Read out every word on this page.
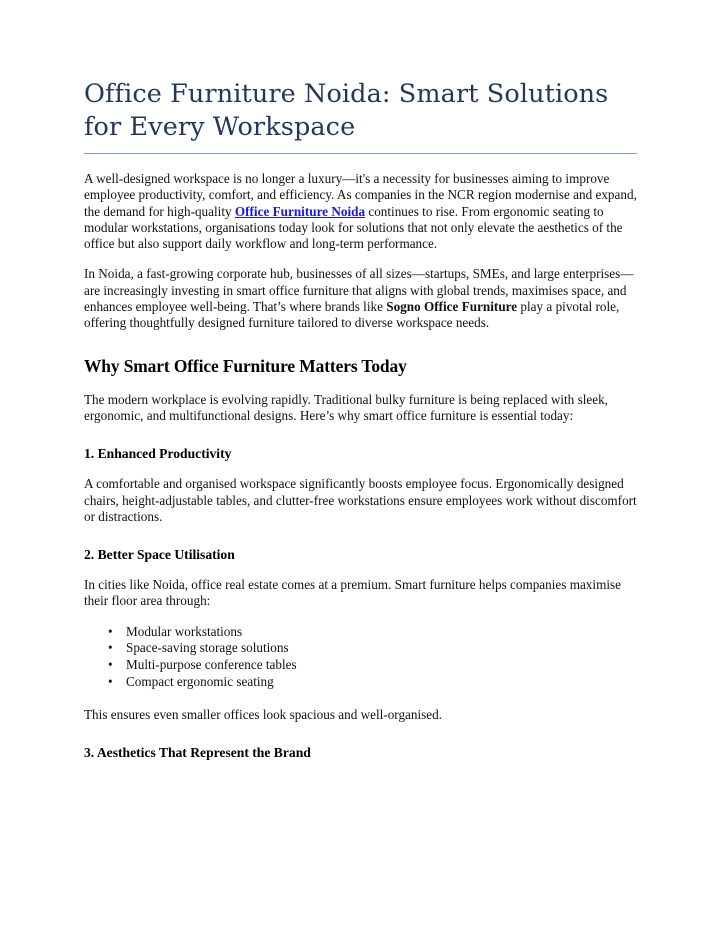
Office Furniture Noida: Smart Solutions for Every Workspace

A well-designed workspace is no longer a luxury—it's a necessity for businesses aiming to improve employee productivity, comfort, and efficiency. As companies in the NCR region modernise and expand, the demand for high-quality Office Furniture Noida continues to rise. From ergonomic seating to modular workstations, organisations today look for solutions that not only elevate the aesthetics of the office but also support daily workflow and long-term performance.

In Noida, a fast-growing corporate hub, businesses of all sizes—startups, SMEs, and large enterprises—are increasingly investing in smart office furniture that aligns with global trends, maximises space, and enhances employee well-being. That’s where brands like Sogno Office Furniture play a pivotal role, offering thoughtfully designed furniture tailored to diverse workspace needs.

Why Smart Office Furniture Matters Today

The modern workplace is evolving rapidly. Traditional bulky furniture is being replaced with sleek, ergonomic, and multifunctional designs. Here’s why smart office furniture is essential today:

1. Enhanced Productivity

A comfortable and organised workspace significantly boosts employee focus. Ergonomically designed chairs, height-adjustable tables, and clutter-free workstations ensure employees work without discomfort or distractions.

2. Better Space Utilisation

In cities like Noida, office real estate comes at a premium. Smart furniture helps companies maximise their floor area through:

• Modular workstations
• Space-saving storage solutions
• Multi-purpose conference tables
• Compact ergonomic seating

This ensures even smaller offices look spacious and well-organised.

3. Aesthetics That Represent the Brand
